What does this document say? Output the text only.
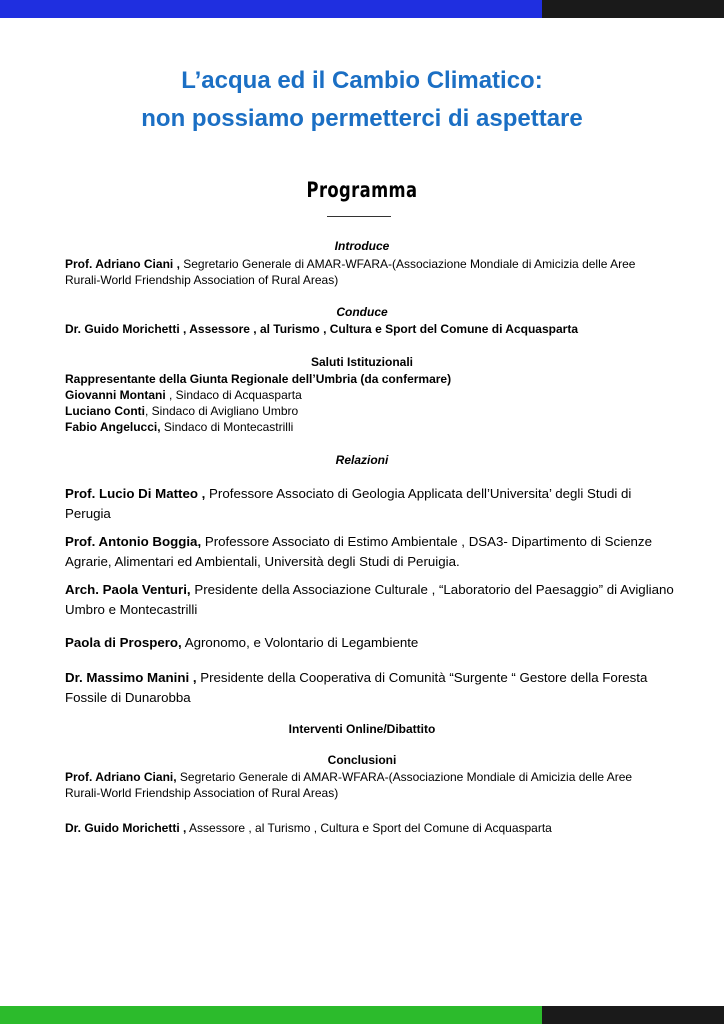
L’acqua ed il Cambio Climatico:
non possiamo permetterci di aspettare
Programma
Introduce
Prof. Adriano Ciani , Segretario Generale di AMAR-WFARA-(Associazione Mondiale di Amicizia delle Aree Rurali-World Friendship Association of Rural Areas)
Conduce
Dr. Guido Morichetti , Assessore , al Turismo , Cultura e Sport del Comune di Acquasparta
Saluti Istituzionali
Rappresentante della Giunta Regionale dell’Umbria (da confermare)
Giovanni Montani , Sindaco di Acquasparta
Luciano Conti, Sindaco di Avigliano Umbro
Fabio Angelucci, Sindaco di Montecastrilli
Relazioni
Prof. Lucio Di Matteo , Professore Associato di Geologia Applicata dell’Universita’ degli Studi di Perugia
Prof. Antonio Boggia, Professore Associato di Estimo Ambientale , DSA3- Dipartimento di Scienze Agrarie, Alimentari ed Ambientali, Università degli Studi di Peruigia.
Arch. Paola Venturi, Presidente della Associazione Culturale , “Laboratorio del Paesaggio” di Avigliano Umbro e Montecastrilli
Paola di Prospero, Agronomo, e Volontario di Legambiente
Dr. Massimo Manini , Presidente della Cooperativa di Comunità “Surgente “ Gestore della Foresta Fossile di Dunarobba
Interventi Online/Dibattito
Conclusioni
Prof. Adriano Ciani, Segretario Generale di AMAR-WFARA-(Associazione Mondiale di Amicizia delle Aree Rurali-World Friendship Association of Rural Areas)
Dr. Guido Morichetti , Assessore , al Turismo , Cultura e Sport del Comune di Acquasparta
